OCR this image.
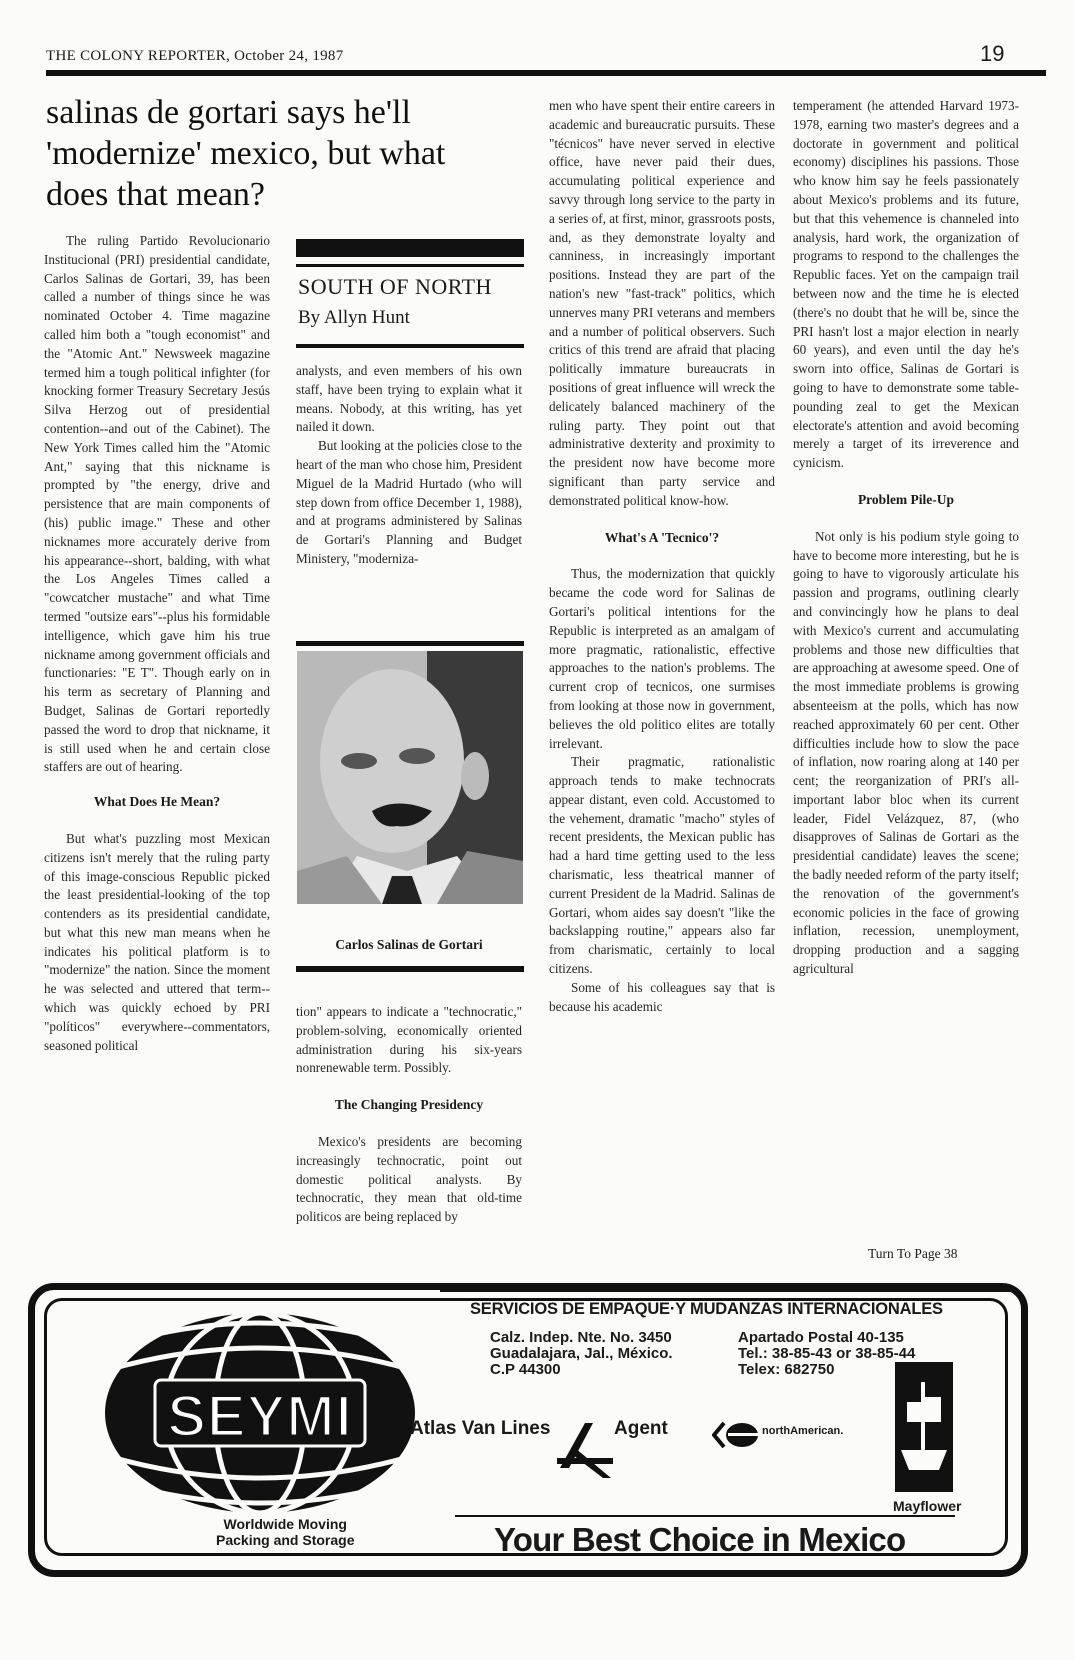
THE COLONY REPORTER, October 24, 1987	19
salinas de gortari says he'll 'modernize' mexico, but what does that mean?

The ruling Partido Revolucionario Institucional (PRI) presidential candidate, Carlos Salinas de Gortari, 39, has been called a number of things since he was nominated October 4. Time magazine called him both a "tough economist" and the "Atomic Ant." Newsweek magazine termed him a tough political infighter (for knocking former Treasury Secretary Jesús Silva Herzog out of presidential contention--and out of the Cabinet). The New York Times called him the "Atomic Ant," saying that this nickname is prompted by "the energy, drive and persistence that are main components of (his) public image." These and other nicknames more accurately derive from his appearance--short, balding, with what the Los Angeles Times called a "cowcatcher mustache" and what Time termed "outsize ears"--plus his formidable intelligence, which gave him his true nickname among government officials and functionaries: "E T". Though early on in his term as secretary of Planning and Budget, Salinas de Gortari reportedly passed the word to drop that nickname, it is still used when he and certain close staffers are out of hearing.

What Does He Mean?

But what's puzzling most Mexican citizens isn't merely that the ruling party of this image-conscious Republic picked the least presidential-looking of the top contenders as its presidential candidate, but what this new man means when he indicates his political platform is to "modernize" the nation. Since the moment he was selected and uttered that term--which was quickly echoed by PRI "políticos" everywhere--commentators, seasoned political

SOUTH OF NORTH
By Allyn Hunt

analysts, and even members of his own staff, have been trying to explain what it means. Nobody, at this writing, has yet nailed it down.

But looking at the policies close to the heart of the man who chose him, President Miguel de la Madrid Hurtado (who will step down from office December 1, 1988), and at programs administered by Salinas de Gortari's Planning and Budget Ministery, "moderniza-

Carlos Salinas de Gortari

tion" appears to indicate a "technocratic," problem-solving, economically oriented administration during his six-years nonrenewable term. Possibly.

The Changing Presidency

Mexico's presidents are becoming increasingly technocratic, point out domestic political analysts. By technocratic, they mean that old-time politicos are being replaced by

men who have spent their entire careers in academic and bureaucratic pursuits. These "técnicos" have never served in elective office, have never paid their dues, accumulating political experience and savvy through long service to the party in a series of, at first, minor, grassroots posts, and, as they demonstrate loyalty and canniness, in increasingly important positions. Instead they are part of the nation's new "fast-track" politics, which unnerves many PRI veterans and members and a number of political observers. Such critics of this trend are afraid that placing politically immature bureaucrats in positions of great influence will wreck the delicately balanced machinery of the ruling party. They point out that administrative dexterity and proximity to the president now have become more significant than party service and demonstrated political know-how.

What's A 'Tecnico'?

Thus, the modernization that quickly became the code word for Salinas de Gortari's political intentions for the Republic is interpreted as an amalgam of more pragmatic, rationalistic, effective approaches to the nation's problems. The current crop of tecnicos, one surmises from looking at those now in government, believes the old politico elites are totally irrelevant.

Their pragmatic, rationalistic approach tends to make technocrats appear distant, even cold. Accustomed to the vehement, dramatic "macho" styles of recent presidents, the Mexican public has had a hard time getting used to the less charismatic, less theatrical manner of current President de la Madrid. Salinas de Gortari, whom aides say doesn't "like the backslapping routine," appears also far from charismatic, certainly to local citizens.

Some of his colleagues say that is because his academic

temperament (he attended Harvard 1973-1978, earning two master's degrees and a doctorate in government and political economy) disciplines his passions. Those who know him say he feels passionately about Mexico's problems and its future, but that this vehemence is channeled into analysis, hard work, the organization of programs to respond to the challenges the Republic faces. Yet on the campaign trail between now and the time he is elected (there's no doubt that he will be, since the PRI hasn't lost a major election in nearly 60 years), and even until the day he's sworn into office, Salinas de Gortari is going to have to demonstrate some table-pounding zeal to get the Mexican electorate's attention and avoid becoming merely a target of its irreverence and cynicism.

Problem Pile-Up

Not only is his podium style going to have to become more interesting, but he is going to have to vigorously articulate his passion and programs, outlining clearly and convincingly how he plans to deal with Mexico's current and accumulating problems and those new difficulties that are approaching at awesome speed. One of the most immediate problems is growing absenteeism at the polls, which has now reached approximately 60 per cent. Other difficulties include how to slow the pace of inflation, now roaring along at 140 per cent; the reorganization of PRI's all-important labor bloc when its current leader, Fidel Velázquez, 87, (who disapproves of Salinas de Gortari as the presidential candidate) leaves the scene; the badly needed reform of the party itself; the renovation of the government's economic policies in the face of growing inflation, recession, unemployment, dropping production and a sagging agricultural

Turn To Page 38
SEYMI
Worldwide Moving
Packing and Storage
SERVICIOS DE EMPAQUE·Y MUDANZAS INTERNACIONALES
Calz. Indep. Nte. No. 3450
Guadalajara, Jal., México.
C.P 44300
Apartado Postal 40-135
Tel.: 38-85-43 or 38-85-44
Telex: 682750
Atlas Van Lines	Agent	northAmerican.
Mayflower
Your Best Choice in Mexico
